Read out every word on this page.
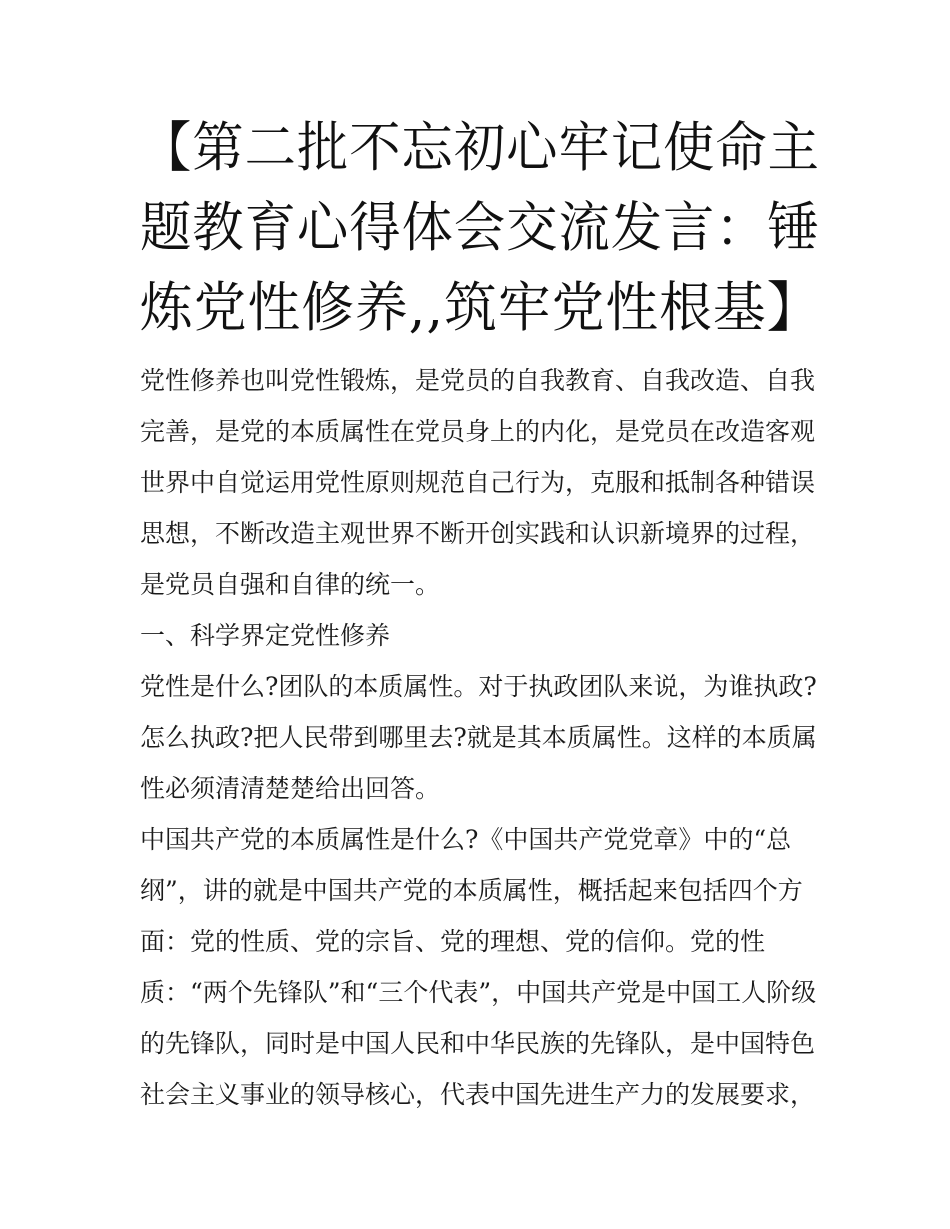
【第二批不忘初心牢记使命主
题教育心得体会交流发言：锤
炼党性修养,,筑牢党性根基】
党性修养也叫党性锻炼，是党员的自我教育、自我改造、自我
完善，是党的本质属性在党员身上的内化，是党员在改造客观
世界中自觉运用党性原则规范自己行为，克服和抵制各种错误
思想，不断改造主观世界不断开创实践和认识新境界的过程，
是党员自强和自律的统一。
一、科学界定党性修养
党性是什么?团队的本质属性。对于执政团队来说，为谁执政?
怎么执政?把人民带到哪里去?就是其本质属性。这样的本质属
性必须清清楚楚给出回答。
中国共产党的本质属性是什么?《中国共产党党章》中的“总
纲”，讲的就是中国共产党的本质属性，概括起来包括四个方
面：党的性质、党的宗旨、党的理想、党的信仰。党的性
质：“两个先锋队”和“三个代表”，中国共产党是中国工人阶级
的先锋队，同时是中国人民和中华民族的先锋队，是中国特色
社会主义事业的领导核心，代表中国先进生产力的发展要求，
